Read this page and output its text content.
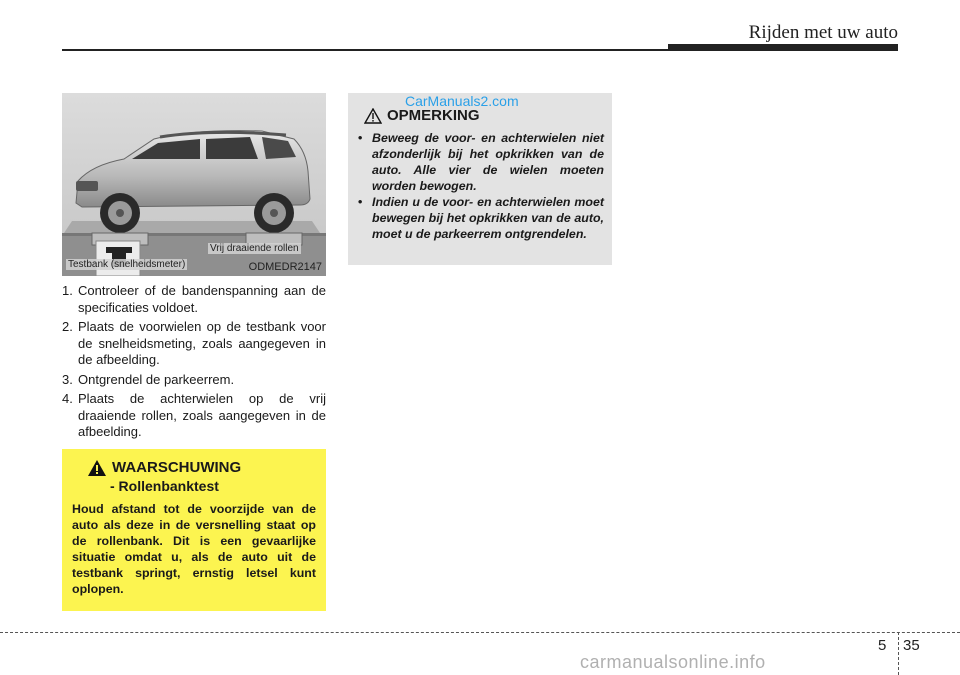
Rijden met uw auto
Vrij draaiende rollen
Testbank (snelheidsmeter)	ODMEDR2147
1. Controleer of de bandenspanning aan de specificaties voldoet.
2. Plaats de voorwielen op de testbank voor de snelheidsmeting, zoals aangegeven in de afbeelding.
3. Ontgrendel de parkeerrem.
4. Plaats de achterwielen op de vrij draaiende rollen, zoals aangegeven in de afbeelding.
WAARSCHUWING
- Rollenbanktest
Houd afstand tot de voorzijde van de auto als deze in de versnelling staat op de rollenbank. Dit is een gevaarlijke situatie omdat u, als de auto uit de testbank springt, ernstig letsel kunt oplopen.
CarManuals2.com
OPMERKING
• Beweeg de voor- en achterwielen niet afzonderlijk bij het opkrikken van de auto. Alle vier de wielen moeten worden bewogen.
• Indien u de voor- en achterwielen moet bewegen bij het opkrikken van de auto, moet u de parkeerrem ontgrendelen.
5 35
carmanualsonline.info
